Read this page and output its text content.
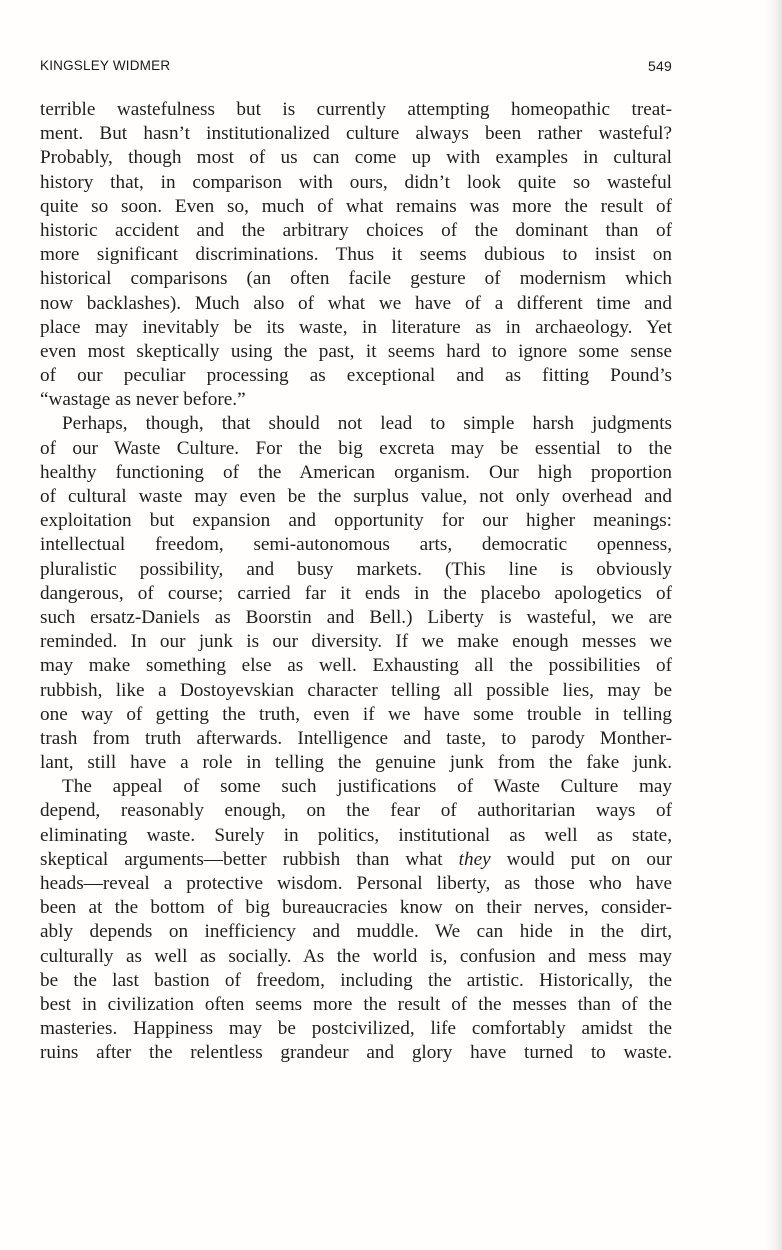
KINGSLEY WIDMER	549
terrible wastefulness but is currently attempting homeopathic treat-
ment. But hasn’t institutionalized culture always been rather wasteful?
Probably, though most of us can come up with examples in cultural
history that, in comparison with ours, didn’t look quite so wasteful
quite so soon. Even so, much of what remains was more the result of
historic accident and the arbitrary choices of the dominant than of
more significant discriminations. Thus it seems dubious to insist on
historical comparisons (an often facile gesture of modernism which
now backlashes). Much also of what we have of a different time and
place may inevitably be its waste, in literature as in archaeology. Yet
even most skeptically using the past, it seems hard to ignore some sense
of our peculiar processing as exceptional and as fitting Pound’s
“wastage as never before.”
Perhaps, though, that should not lead to simple harsh judgments
of our Waste Culture. For the big excreta may be essential to the
healthy functioning of the American organism. Our high proportion
of cultural waste may even be the surplus value, not only overhead and
exploitation but expansion and opportunity for our higher meanings:
intellectual freedom, semi-autonomous arts, democratic openness,
pluralistic possibility, and busy markets. (This line is obviously
dangerous, of course; carried far it ends in the placebo apologetics of
such ersatz-Daniels as Boorstin and Bell.) Liberty is wasteful, we are
reminded. In our junk is our diversity. If we make enough messes we
may make something else as well. Exhausting all the possibilities of
rubbish, like a Dostoyevskian character telling all possible lies, may be
one way of getting the truth, even if we have some trouble in telling
trash from truth afterwards. Intelligence and taste, to parody Monther-
lant, still have a role in telling the genuine junk from the fake junk.
The appeal of some such justifications of Waste Culture may
depend, reasonably enough, on the fear of authoritarian ways of
eliminating waste. Surely in politics, institutional as well as state,
skeptical arguments—better rubbish than what they would put on our
heads—reveal a protective wisdom. Personal liberty, as those who have
been at the bottom of big bureaucracies know on their nerves, consider-
ably depends on inefficiency and muddle. We can hide in the dirt,
culturally as well as socially. As the world is, confusion and mess may
be the last bastion of freedom, including the artistic. Historically, the
best in civilization often seems more the result of the messes than of the
masteries. Happiness may be postcivilized, life comfortably amidst the
ruins after the relentless grandeur and glory have turned to waste.
